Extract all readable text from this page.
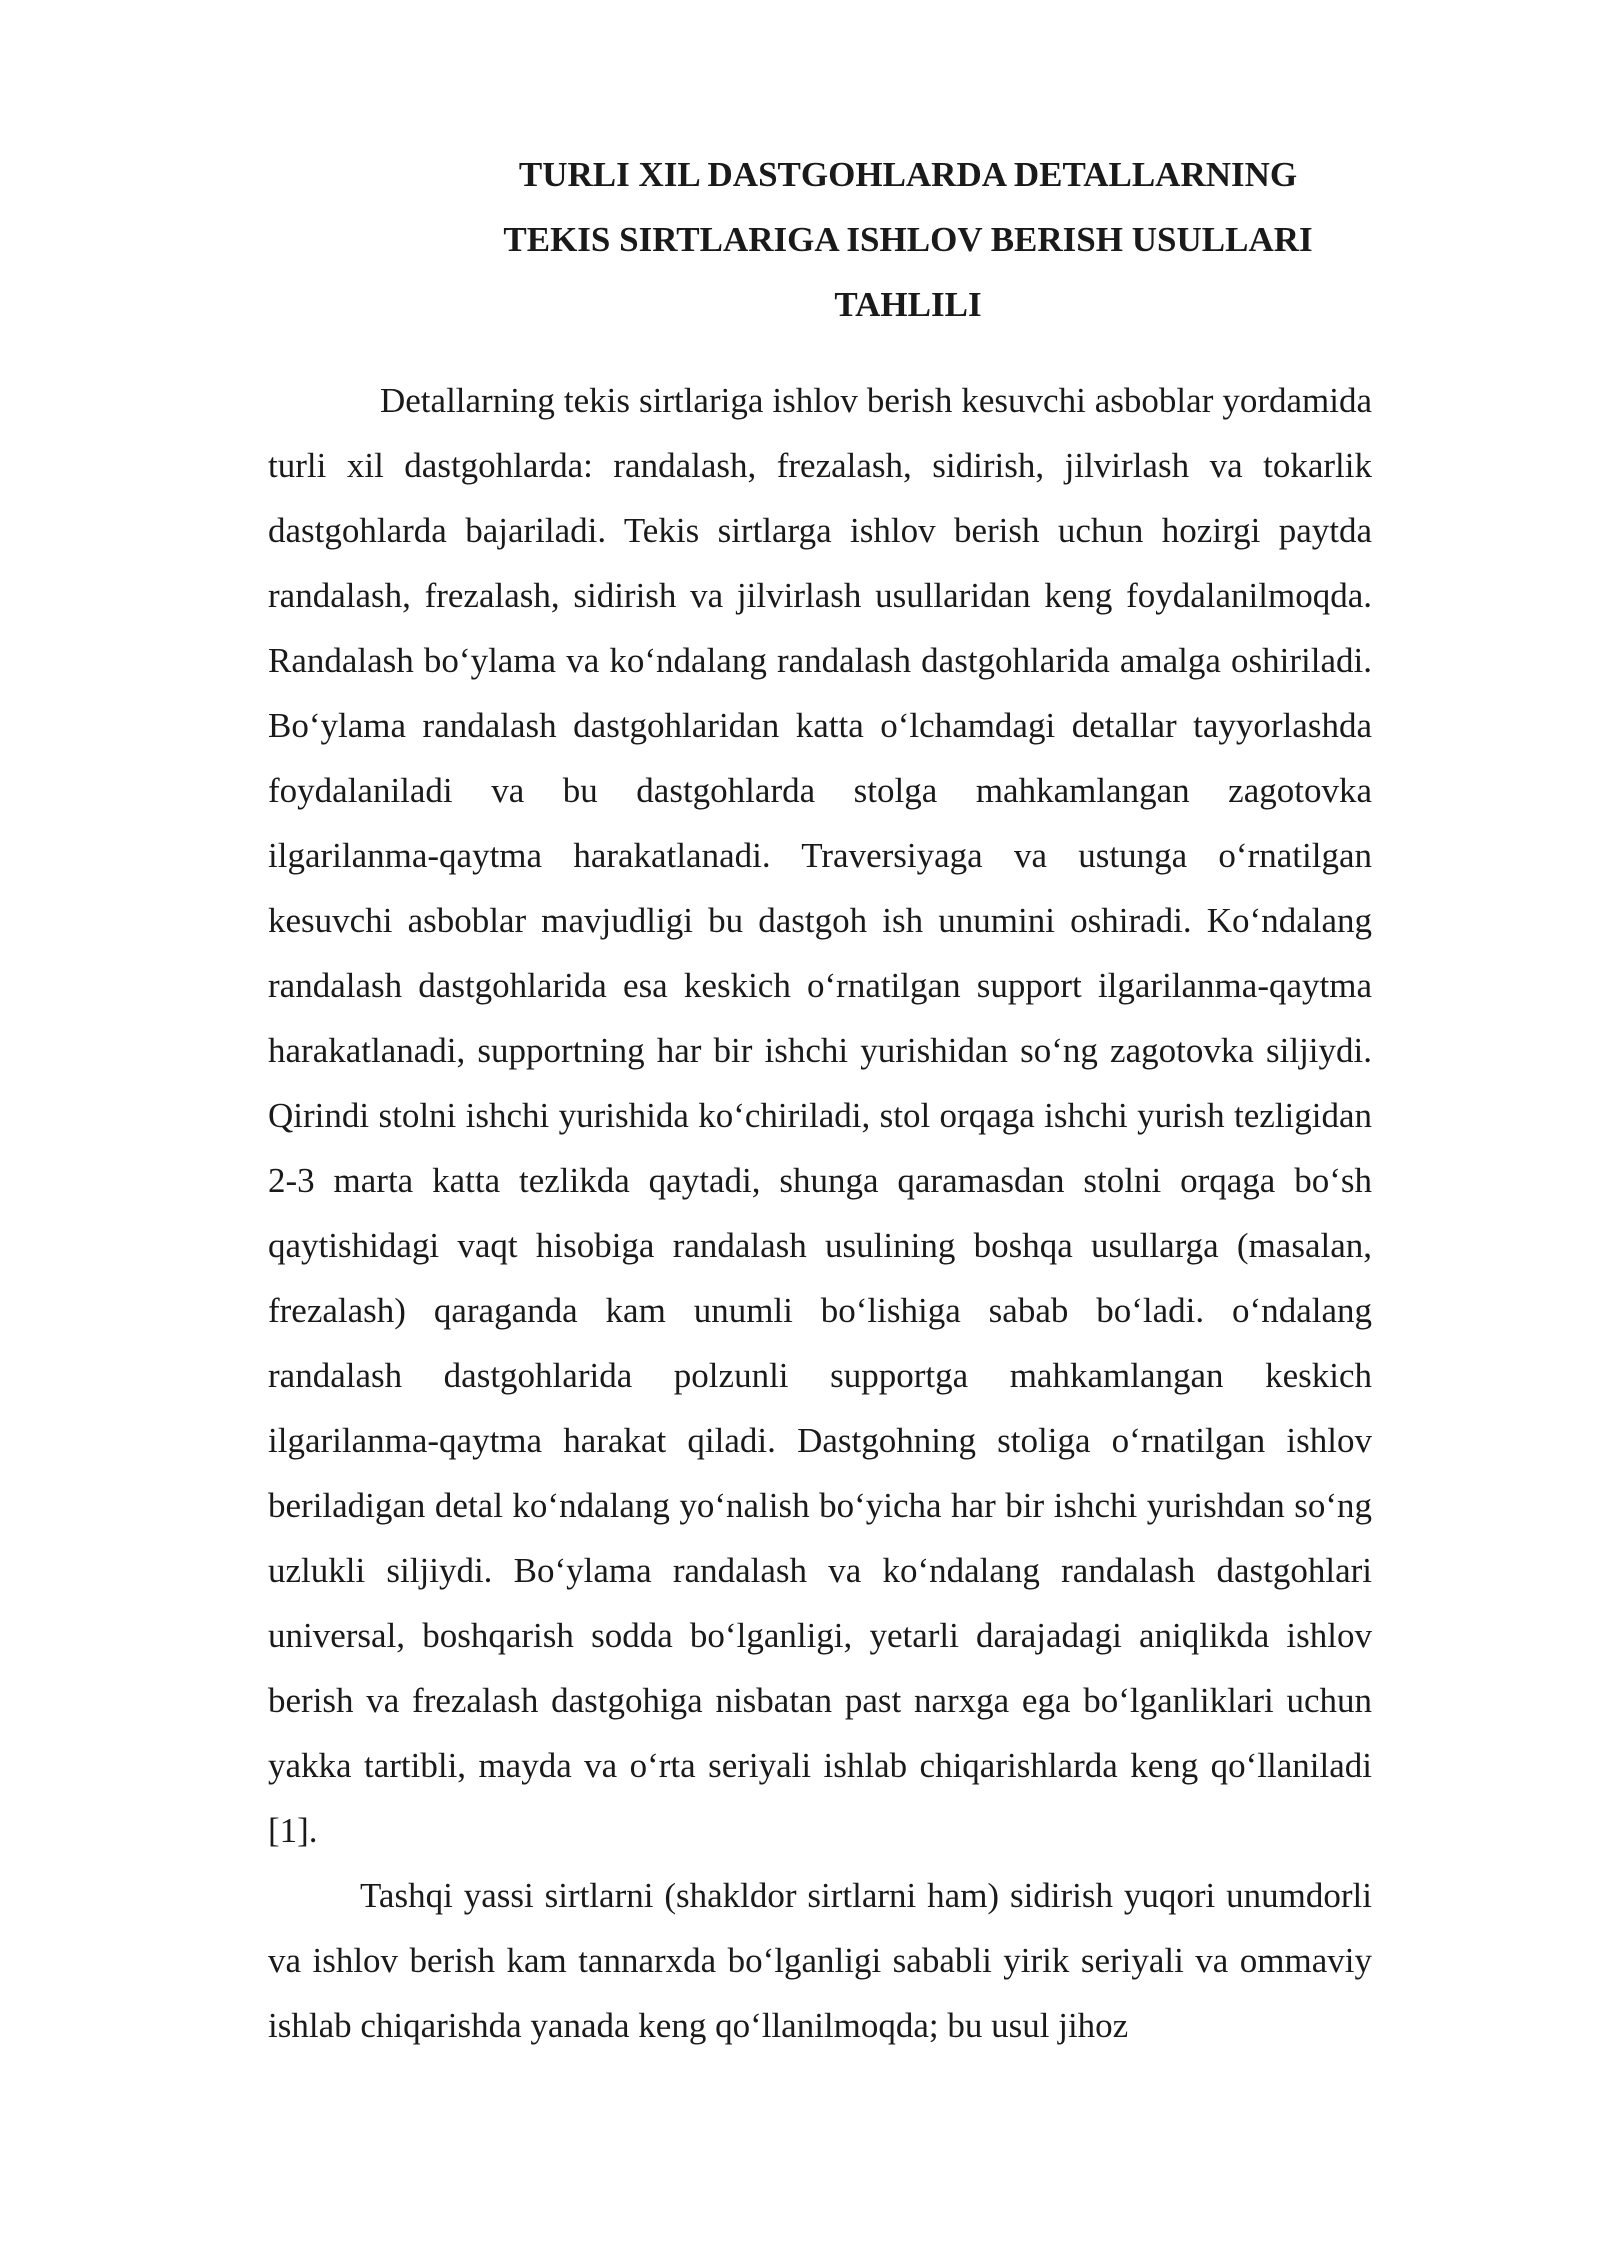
TURLI XIL DASTGOHLARDA DETALLARNING
TEKIS SIRTLARIGA ISHLOV BERISH USULLARI
TAHLILI

Detallarning tekis sirtlariga ishlov berish kesuvchi asboblar yordamida turli xil dastgohlarda: randalash, frezalash, sidirish, jilvirlash va tokarlik dastgohlarda bajariladi. Tekis sirtlarga ishlov berish uchun hozirgi paytda randalash, frezalash, sidirish va jilvirlash usullaridan keng foydalanilmoqda. Randalash bo‘ylama va ko‘ndalang randalash dastgohlarida amalga oshiriladi. Bo‘ylama randalash dastgohlaridan katta o‘lchamdagi detallar tayyorlashda foydalaniladi va bu dastgohlarda stolga mahkamlangan zagotovka ilgarilanma-qaytma harakatlanadi. Traversiyaga va ustunga o‘rnatilgan kesuvchi asboblar mavjudligi bu dastgoh ish unumini oshiradi. Ko‘ndalang randalash dastgohlarida esa keskich o‘rnatilgan support ilgarilanma-qaytma harakatlanadi, supportning har bir ishchi yurishidan so‘ng zagotovka siljiydi. Qirindi stolni ishchi yurishida ko‘chiriladi, stol orqaga ishchi yurish tezligidan 2-3 marta katta tezlikda qaytadi, shunga qaramasdan stolni orqaga bo‘sh qaytishidagi vaqt hisobiga randalash usulining boshqa usullarga (masalan, frezalash) qaraganda kam unumli bo‘lishiga sabab bo‘ladi. o‘ndalang randalash dastgohlarida polzunli supportga mahkamlangan keskich ilgarilanma-qaytma harakat qiladi. Dastgohning stoliga o‘rnatilgan ishlov beriladigan detal ko‘ndalang yo‘nalish bo‘yicha har bir ishchi yurishdan so‘ng uzlukli siljiydi. Bo‘ylama randalash va ko‘ndalang randalash dastgohlari universal, boshqarish sodda bo‘lganligi, yetarli darajadagi aniqlikda ishlov berish va frezalash dastgohiga nisbatan past narxga ega bo‘lganliklari uchun yakka tartibli, mayda va o‘rta seriyali ishlab chiqarishlarda keng qo‘llaniladi [1].

Tashqi yassi sirtlarni (shakldor sirtlarni ham) sidirish yuqori unumdorli va ishlov berish kam tannarxda bo‘lganligi sababli yirik seriyali va ommaviy ishlab chiqarishda yanada keng qo‘llanilmoqda; bu usul jihoz
